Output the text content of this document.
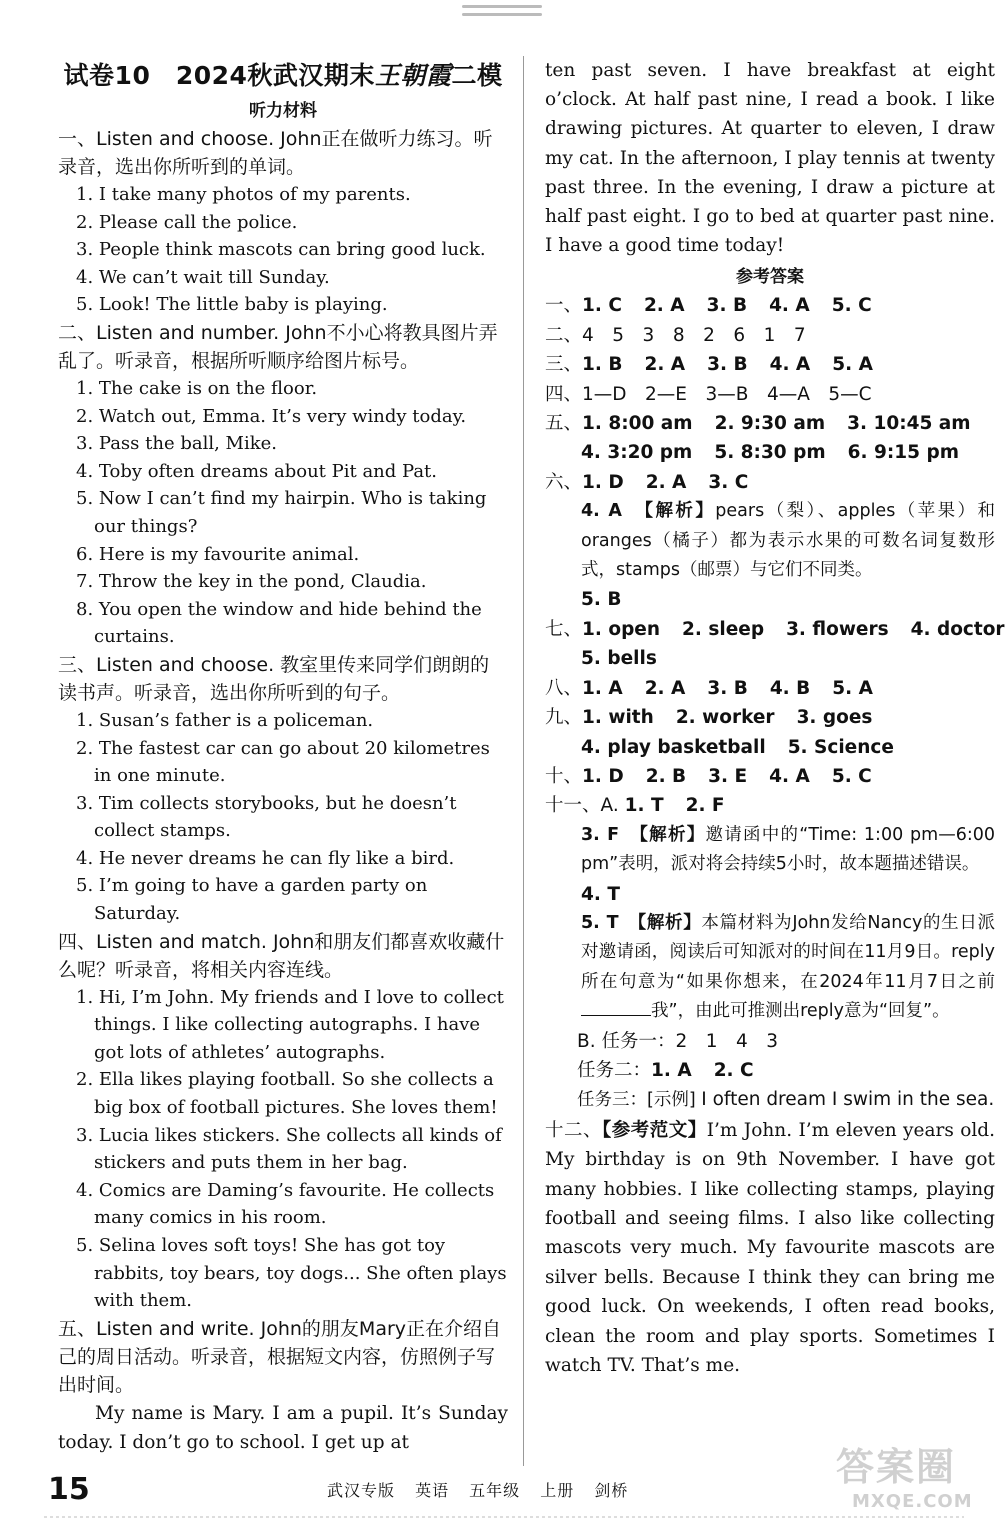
试卷10　2024秋武汉期末王朝霞二模
听力材料
一、Listen and choose. John正在做听力练习。听录音，选出你所听到的单词。
1. I take many photos of my parents.
2. Please call the police.
3. People think mascots can bring good luck.
4. We can’t wait till Sunday.
5. Look! The little baby is playing.
二、Listen and number. John不小心将教具图片弄乱了。听录音，根据所听顺序给图片标号。
1. The cake is on the floor.
2. Watch out, Emma. It’s very windy today.
3. Pass the ball, Mike.
4. Toby often dreams about Pit and Pat.
5. Now I can’t find my hairpin. Who is taking our things?
6. Here is my favourite animal.
7. Throw the key in the pond, Claudia.
8. You open the window and hide behind the curtains.
三、Listen and choose. 教室里传来同学们朗朗的读书声。听录音，选出你所听到的句子。
1. Susan’s father is a policeman.
2. The fastest car can go about 20 kilometres in one minute.
3. Tim collects storybooks, but he doesn’t collect stamps.
4. He never dreams he can fly like a bird.
5. I’m going to have a garden party on Saturday.
四、Listen and match. John和朋友们都喜欢收藏什么呢？听录音，将相关内容连线。
1. Hi, I’m John. My friends and I love to collect things. I like collecting autographs. I have got lots of athletes’ autographs.
2. Ella likes playing football. So she collects a big box of football pictures. She loves them!
3. Lucia likes stickers. She collects all kinds of stickers and puts them in her bag.
4. Comics are Daming’s favourite. He collects many comics in his room.
5. Selina loves soft toys! She has got toy rabbits, toy bears, toy dogs... She often plays with them.
五、Listen and write. John的朋友Mary正在介绍自己的周日活动。听录音，根据短文内容，仿照例子写出时间。
My name is Mary. I am a pupil. It’s Sunday today. I don’t go to school. I get up at
ten past seven. I have breakfast at eight o’clock. At half past nine, I read a book. I like drawing pictures. At quarter to eleven, I draw my cat. In the afternoon, I play tennis at twenty past three. In the evening, I draw a picture at half past eight. I go to bed at quarter past nine. I have a good time today!
参考答案
一、1. C 2. A 3. B 4. A 5. C
二、4　5　3　8　2　6　1　7
三、1. B 2. A 3. B 4. A 5. A
四、1—D　2—E　3—B　4—A　5—C
五、1. 8:00 am 2. 9:30 am 3. 10:45 am
4. 3:20 pm 5. 8:30 pm 6. 9:15 pm
六、1. D 2. A 3. C
4. A　 【解析】pears（梨）、apples（苹果）和oranges（橘子）都为表示水果的可数名词复数形式，stamps（邮票）与它们不同类。
5. B
七、1. open 2. sleep 3. flowers 4. doctor
5. bells
八、1. A 2. A 3. B 4. B 5. A
九、1. with 2. worker 3. goes
4. play basketball 5. Science
十、1. D 2. B 3. E 4. A 5. C
十一、A. 1. T 2. F
3. F　 【解析】邀请函中的“Time: 1:00 pm—6:00 pm”表明，派对将会持续5小时，故本题描述错误。
4. T
5. T　 【解析】本篇材料为John发给Nancy的生日派对邀请函，阅读后可知派对的时间在11月9日。reply所在句意为“如果你想来，在2024年11月7日之前我”，由此可推测出reply意为“回复”。
B. 任务一：2　1　4　3
任务二：1. A 2. C
任务三：[示例] I often dream I swim in the sea.
十二、【参考范文】I’m John. I’m eleven years old. My birthday is on 9th November. I have got many hobbies. I like collecting stamps, playing football and seeing films. I also like collecting mascots very much. My favourite mascots are silver bells. Because I think they can bring me good luck. On weekends, I often read books, clean the room and play sports. Sometimes I watch TV. That’s me.
答案圈
MXQE.COM
15	武汉专版 英语 五年级 上册 剑桥
